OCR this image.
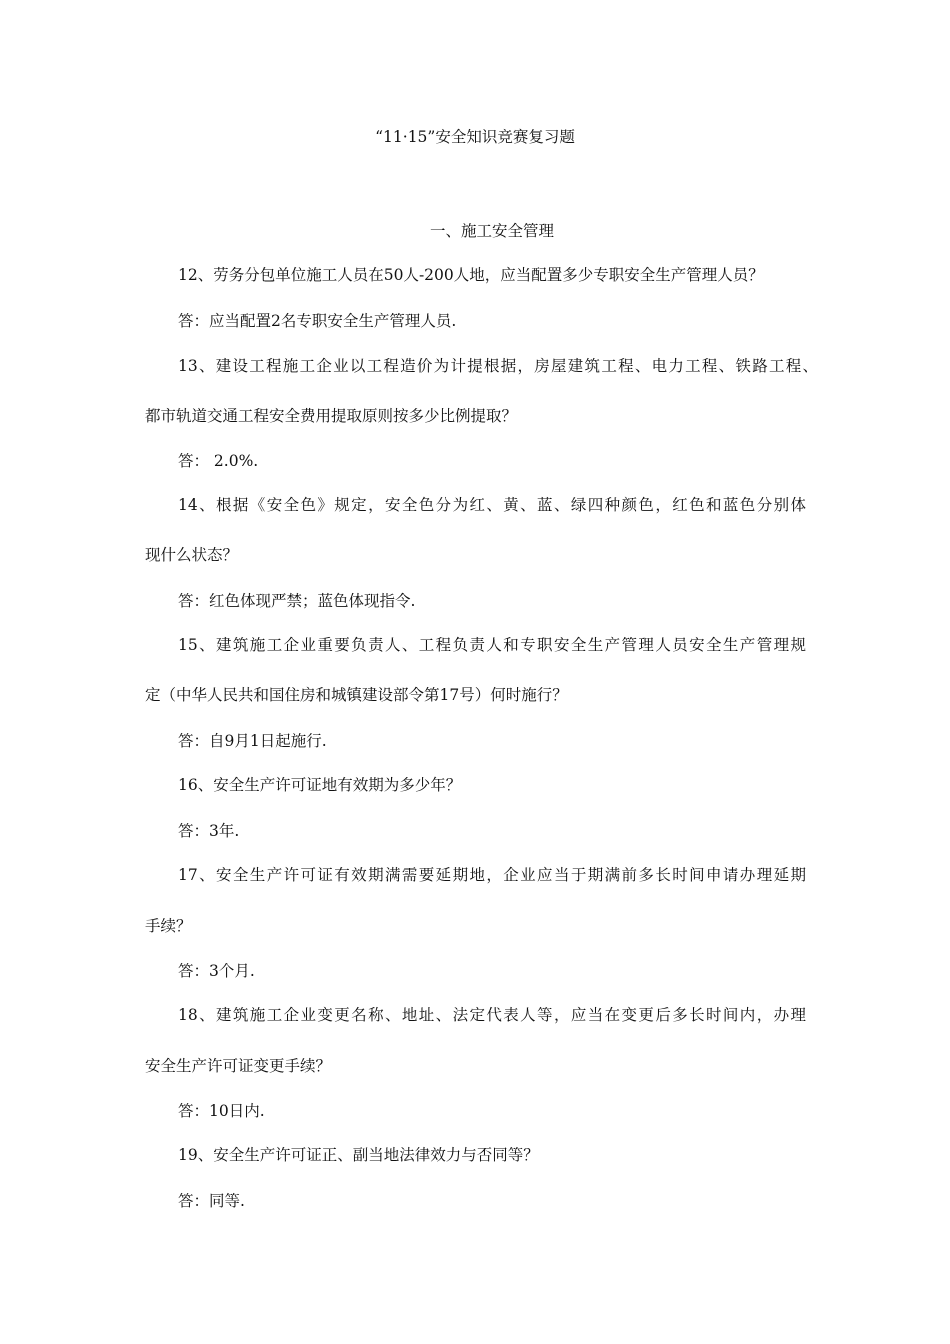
“11·15”安全知识竞赛复习题
一、施工安全管理
12、劳务分包单位施工人员在50人-200人地，应当配置多少专职安全生产管理人员？
答：应当配置2名专职安全生产管理人员.
13、建设工程施工企业以工程造价为计提根据，房屋建筑工程、电力工程、铁路工程、
都市轨道交通工程安全费用提取原则按多少比例提取？
答： 2.0%.
14、根据《安全色》规定，安全色分为红、黄、蓝、绿四种颜色，红色和蓝色分别体
现什么状态？
答：红色体现严禁；蓝色体现指令.
15、建筑施工企业重要负责人、工程负责人和专职安全生产管理人员安全生产管理规
定（中华人民共和国住房和城镇建设部令第17号）何时施行？
答：自9月1日起施行.
16、安全生产许可证地有效期为多少年？
答：3年.
17、安全生产许可证有效期满需要延期地，企业应当于期满前多长时间申请办理延期
手续？
答：3个月.
18、建筑施工企业变更名称、地址、法定代表人等，应当在变更后多长时间内，办理
安全生产许可证变更手续？
答：10日内.
19、安全生产许可证正、副当地法律效力与否同等？
答：同等.
